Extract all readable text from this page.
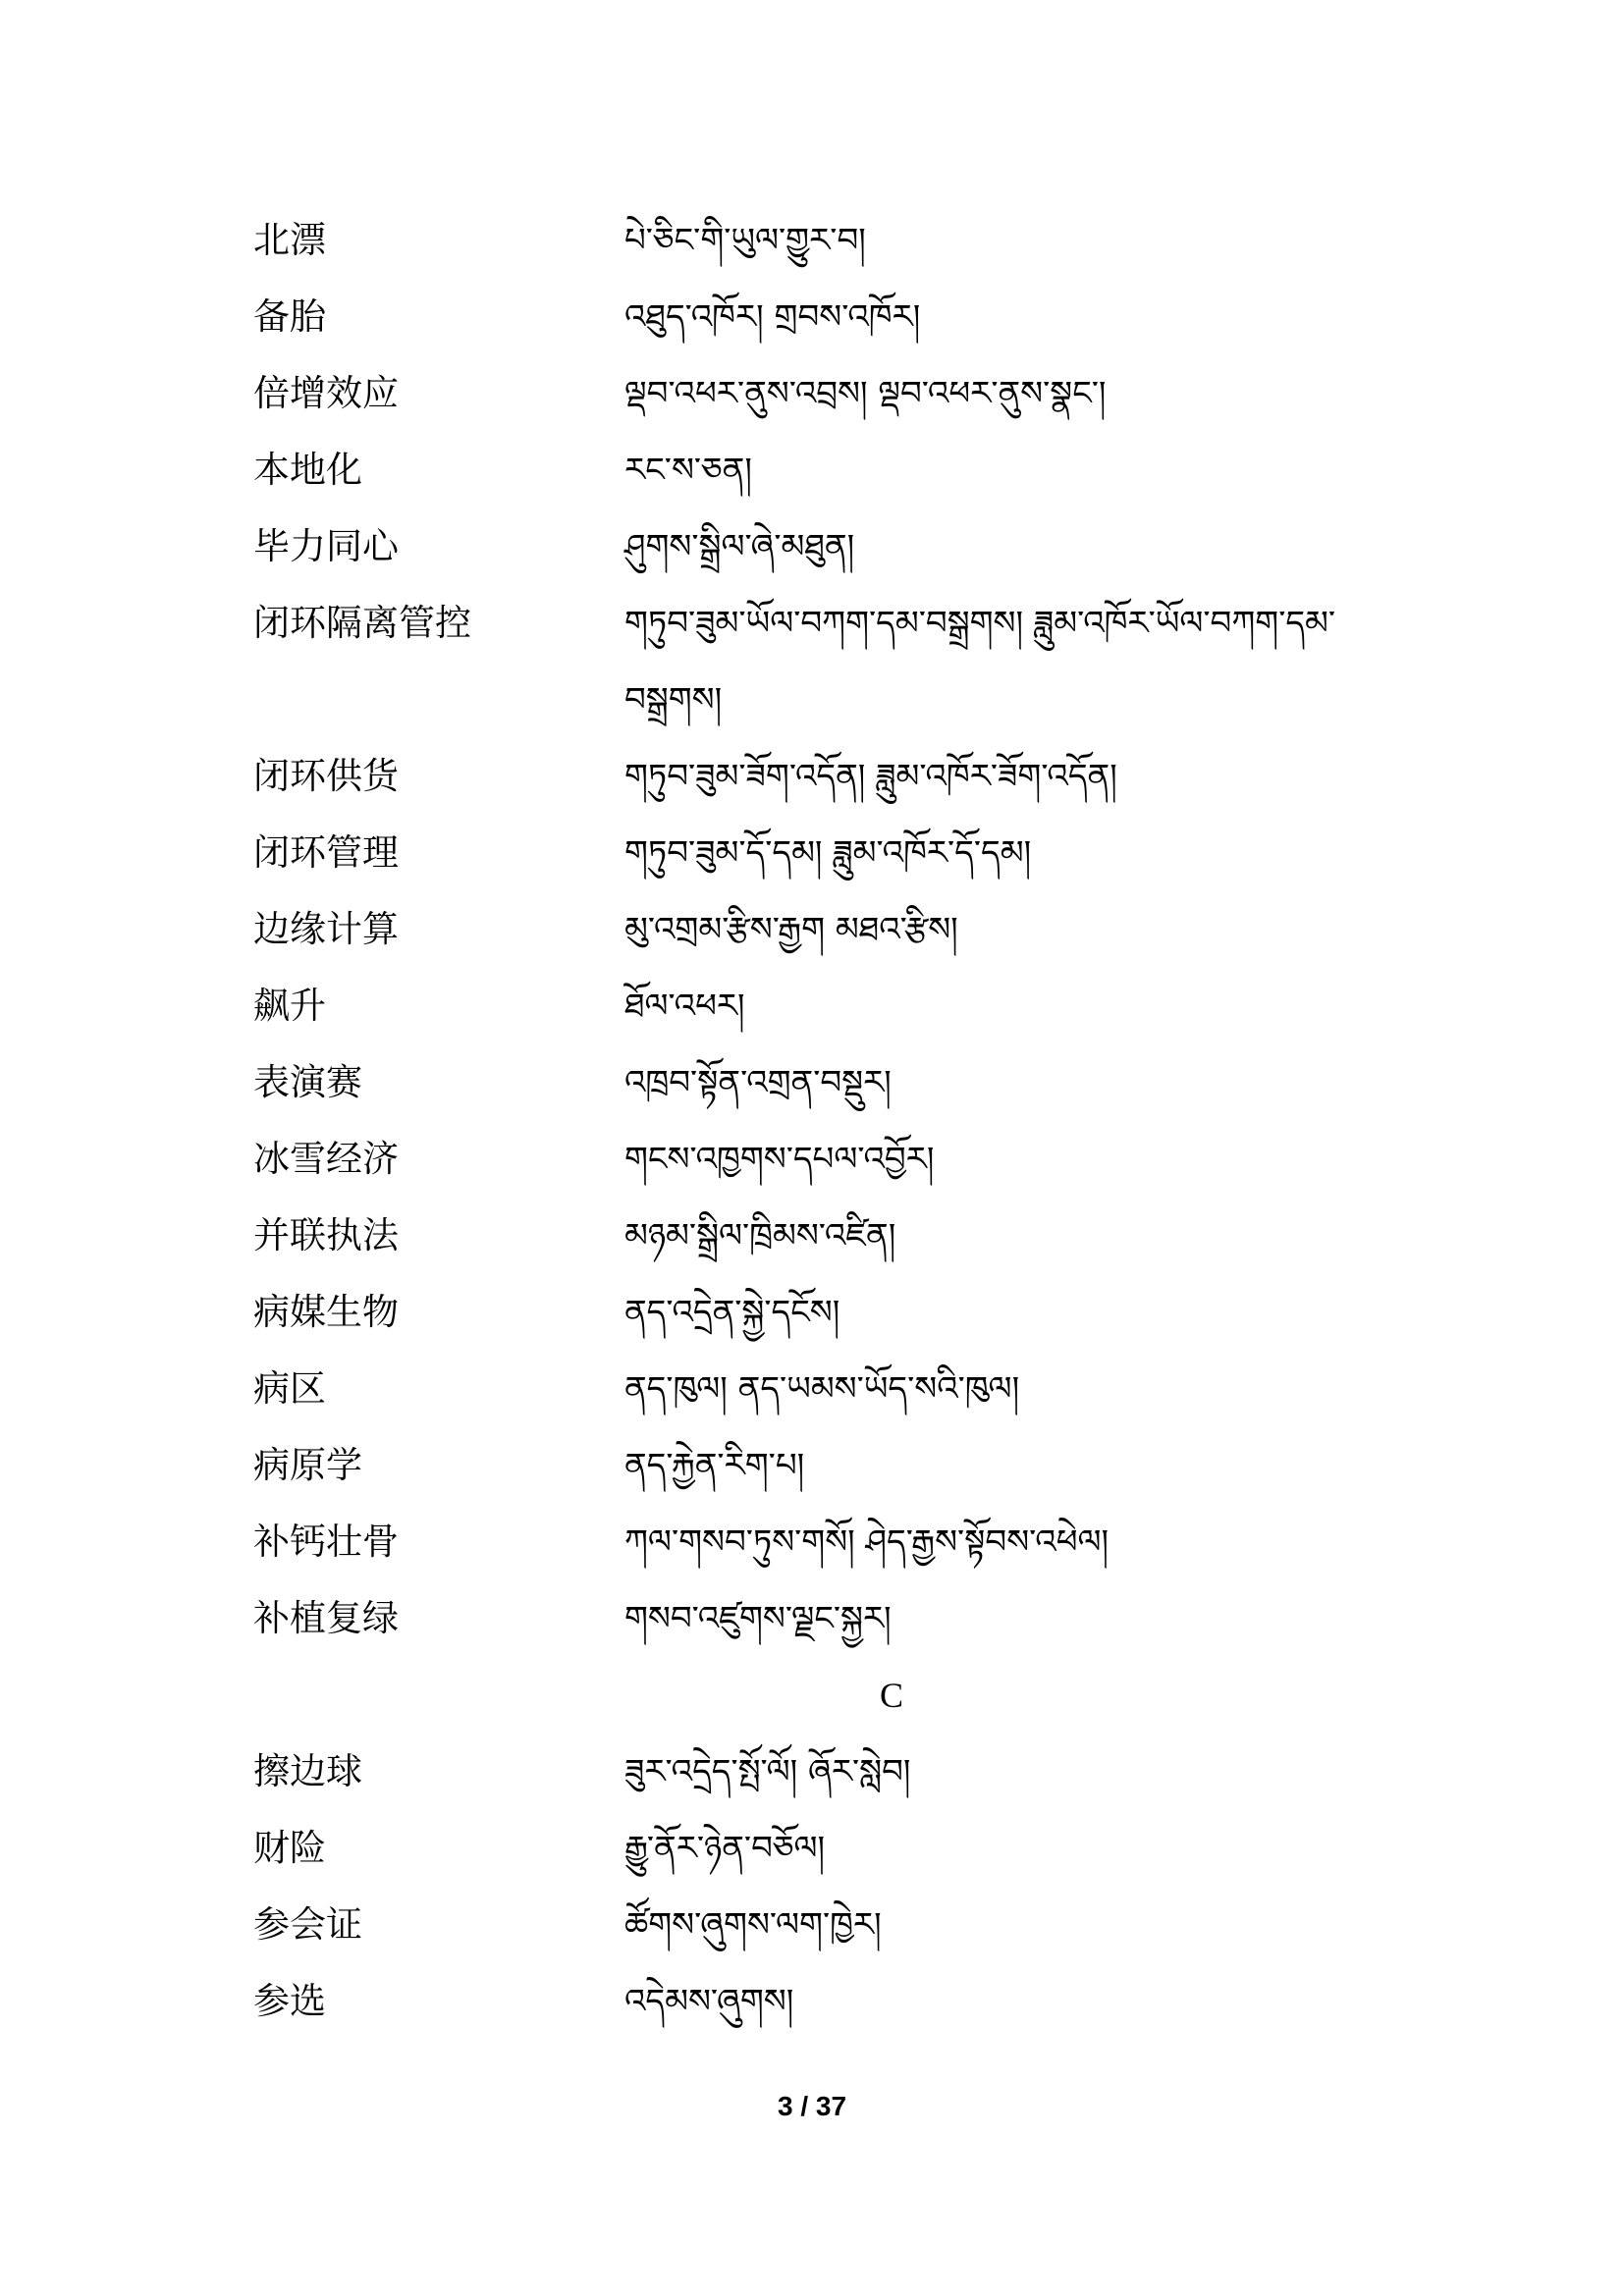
北漂	པེ་ཅིང་གི་ཡུལ་གྱུར་བ།
备胎	འཐུད་འཁོར། གྲབས་འཁོར།
倍增效应	ལྡབ་འཕར་ནུས་འབྲས། ལྡབ་འཕར་ནུས་སྣང་།
本地化	རང་ས་ཅན།
毕力同心	ཤུགས་སྒྲིལ་ཞེ་མཐུན།
闭环隔离管控	གཏུབ་ཟུམ་ཡོལ་བཀག་དམ་བསྒྲགས། ཟླུམ་འཁོར་ཡོལ་བཀག་དམ་བསྒྲགས།
闭环供货	གཏུབ་ཟུམ་ཟོག་འདོན། ཟླུམ་འཁོར་ཟོག་འདོན།
闭环管理	གཏུབ་ཟུམ་དོ་དམ། ཟླུམ་འཁོར་དོ་དམ།
边缘计算	མུ་འགྲམ་རྩིས་རྒྱག མཐའ་རྩིས།
飙升	ཐོལ་འཕར།
表演赛	འཁྲབ་སྟོན་འགྲན་བསྡུར།
冰雪经济	གངས་འཁྱགས་དཔལ་འབྱོར།
并联执法	མཉམ་སྒྲིལ་ཁྲིམས་འཛིན།
病媒生物	ནད་འདྲེན་སྐྱེ་དངོས།
病区	ནད་ཁུལ། ནད་ཡམས་ཡོད་སའི་ཁུལ།
病原学	ནད་རྐྱེན་རིག་པ།
补钙壮骨	ཀལ་གསབ་ཏུས་གསོ། ཤེད་རྒྱས་སྟོབས་འཕེལ།
补植复绿	གསབ་འཛུགས་ལྗང་སྐྱར།
C
擦边球	ཟུར་འདྲེད་སྤོ་ལོ། ཞོར་སླེབ།
财险	རྒྱུ་ནོར་ཉེན་བཅོལ།
参会证	ཚོགས་ཞུགས་ལག་ཁྱེར།
参选	འདེམས་ཞུགས།
3 / 37
